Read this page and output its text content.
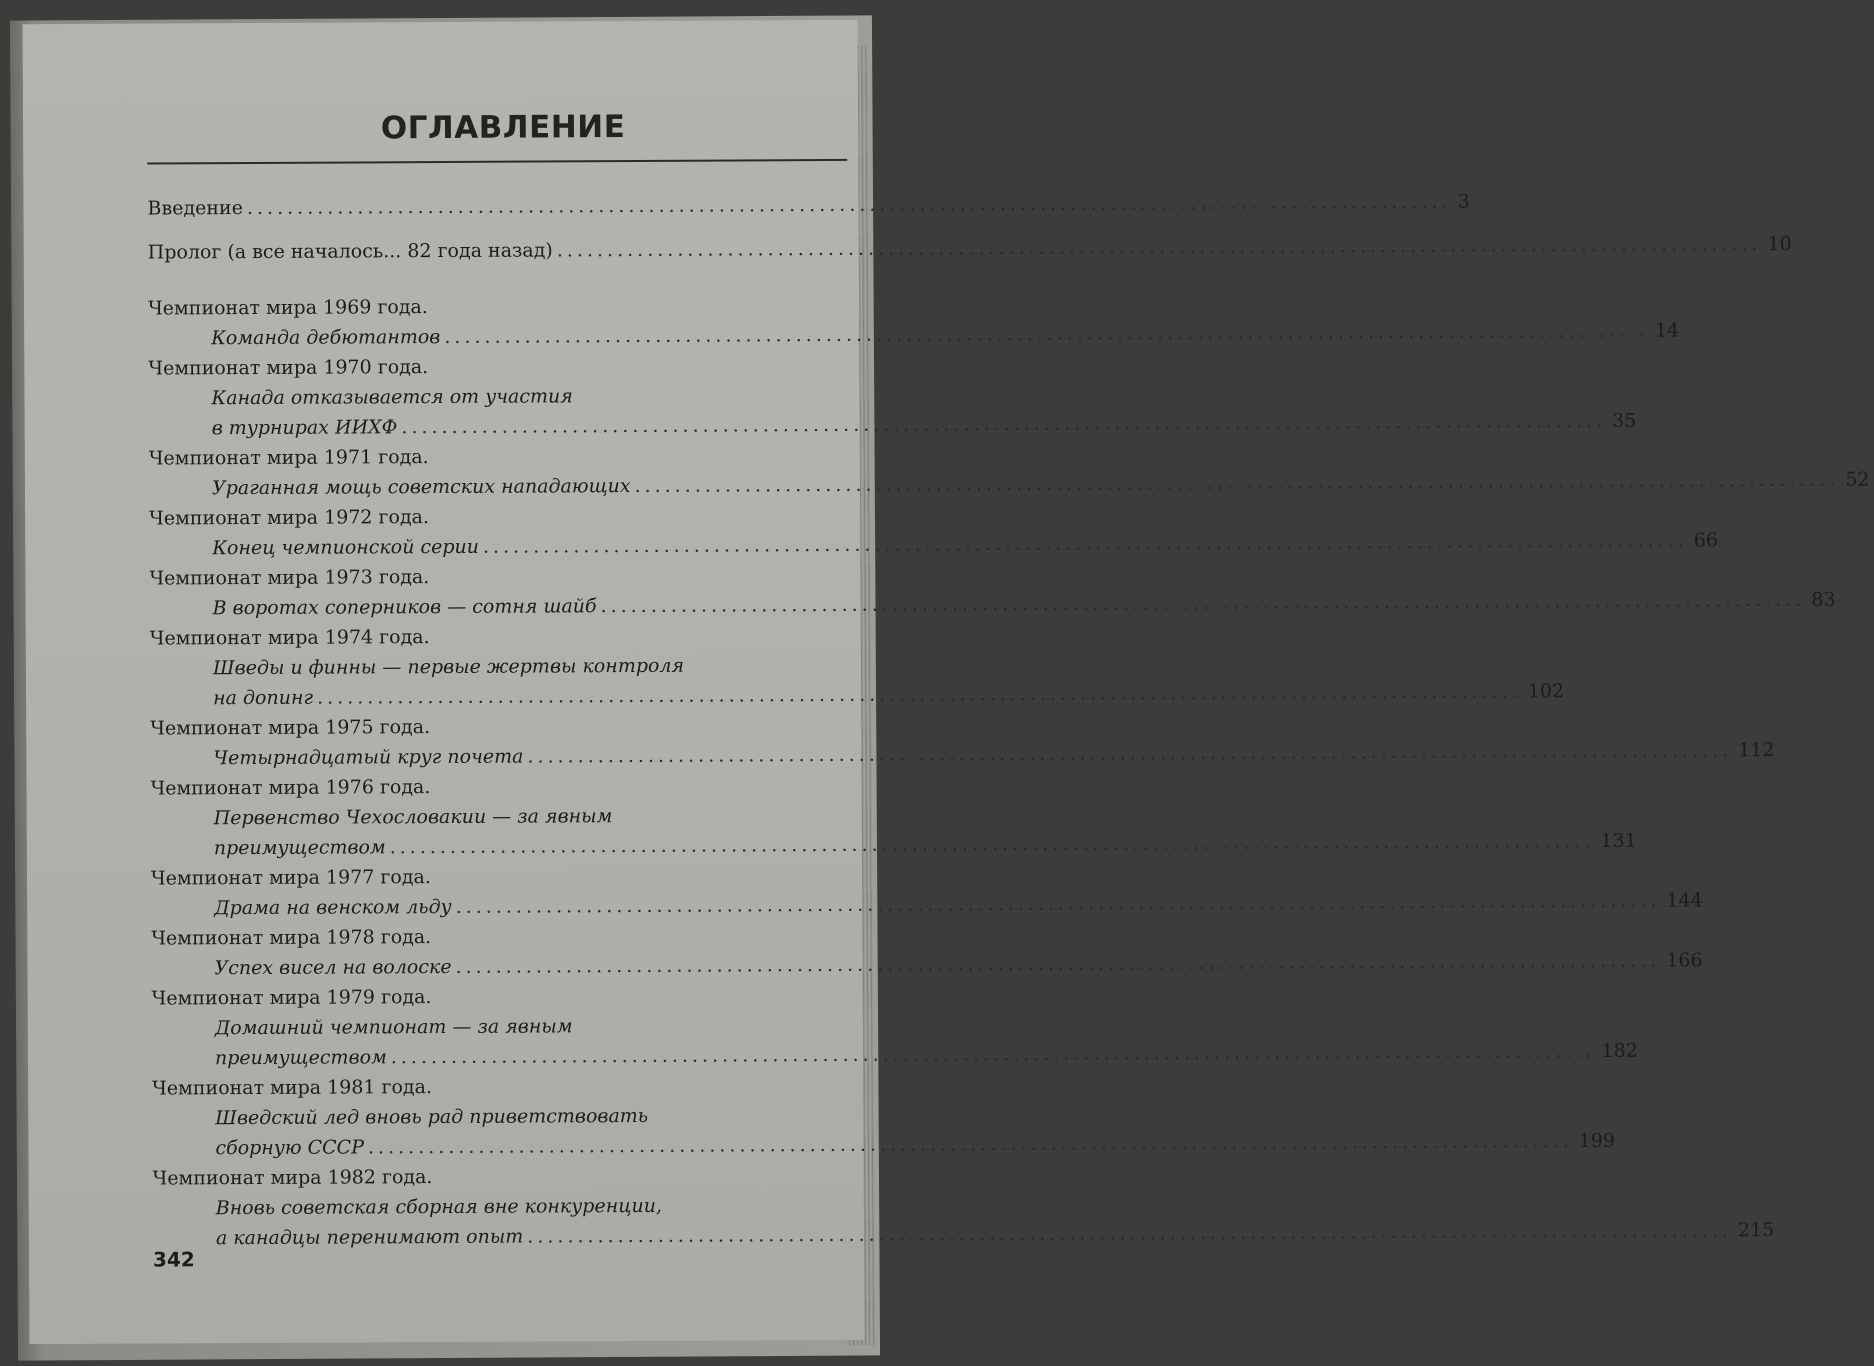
ОГЛАВЛЕНИЕ
Введение ........................................................................................................................ 3
Пролог (а все началось... 82 года назад) ........................................................................................................................ 10
Чемпионат мира 1969 года.
Команда дебютантов ........................................................................................................................ 14
Чемпионат мира 1970 года.
Канада отказывается от участия
в турнирах ИИХФ ........................................................................................................................ 35
Чемпионат мира 1971 года.
Ураганная мощь советских нападающих ........................................................................................................................ 52
Чемпионат мира 1972 года.
Конец чемпионской серии ........................................................................................................................ 66
Чемпионат мира 1973 года.
В воротах соперников — сотня шайб ........................................................................................................................ 83
Чемпионат мира 1974 года.
Шведы и финны — первые жертвы контроля
на допинг ........................................................................................................................ 102
Чемпионат мира 1975 года.
Четырнадцатый круг почета ........................................................................................................................ 112
Чемпионат мира 1976 года.
Первенство Чехословакии — за явным
преимуществом ........................................................................................................................ 131
Чемпионат мира 1977 года.
Драма на венском льду ........................................................................................................................ 144
Чемпионат мира 1978 года.
Успех висел на волоске ........................................................................................................................ 166
Чемпионат мира 1979 года.
Домашний чемпионат — за явным
преимуществом ........................................................................................................................ 182
Чемпионат мира 1981 года.
Шведский лед вновь рад приветствовать
сборную СССР ........................................................................................................................ 199
Чемпионат мира 1982 года.
Вновь советская сборная вне конкуренции,
а канадцы перенимают опыт ........................................................................................................................ 215
342
